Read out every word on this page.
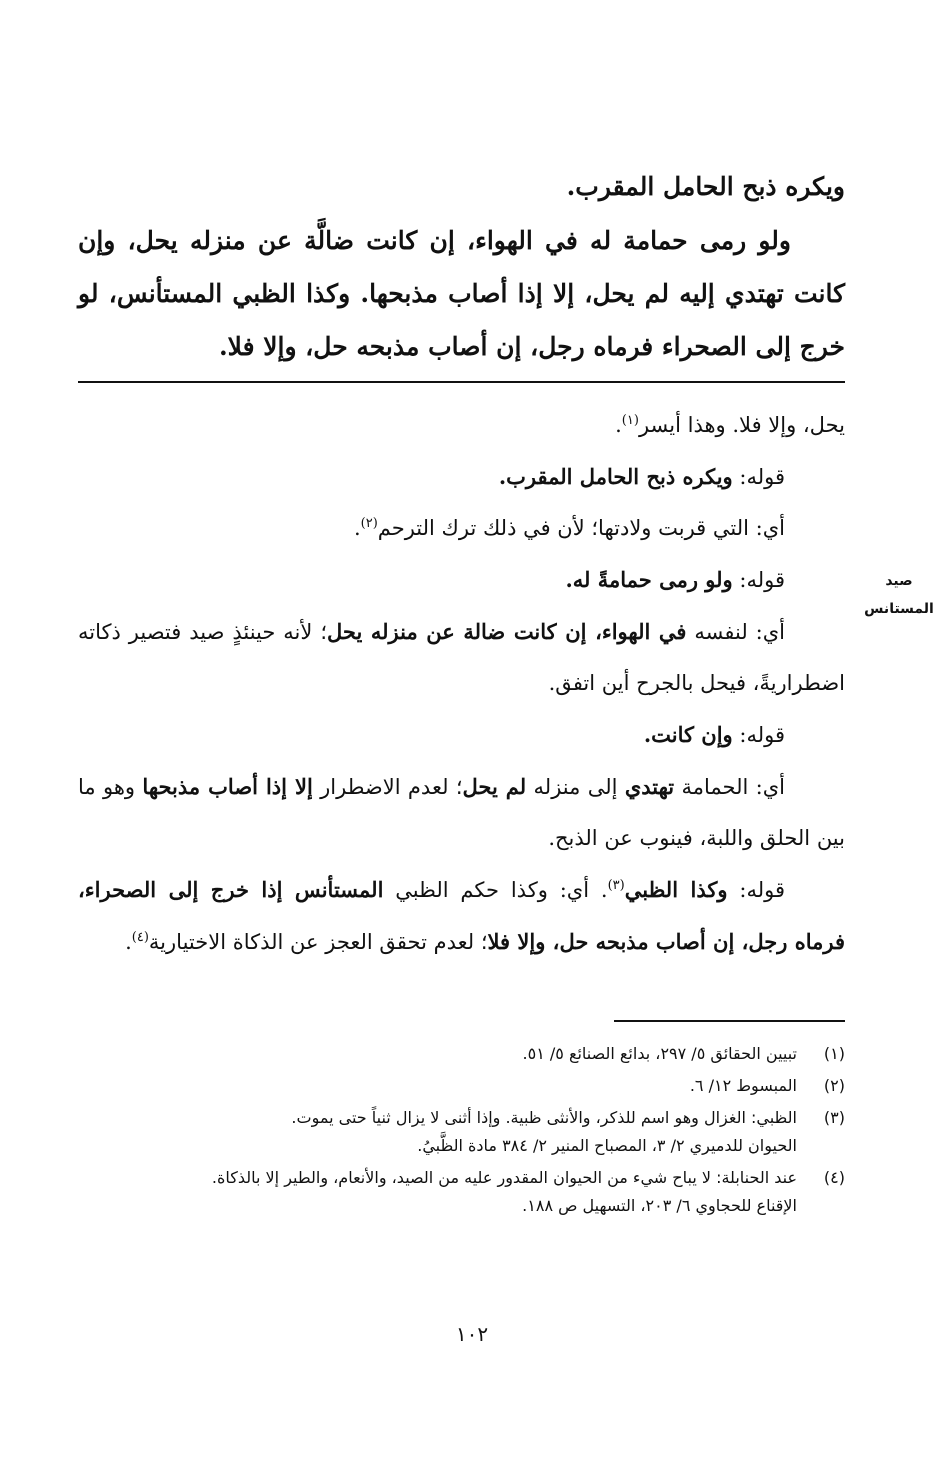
ويكره ذبح الحامل المقرب.

ولو رمى حمامة له في الهواء، إن كانت ضالَّة عن منزله يحل، وإن كانت تهتدي إليه لم يحل، إلا إذا أصاب مذبحها. وكذا الظبي المستأنس، لو خرج إلى الصحراء فرماه رجل، إن أصاب مذبحه حل، وإلا فلا.

صيد
المستانس

يحل، وإلا فلا. وهذا أيسر$^{(١)}$.

قوله: ويكره ذبح الحامل المقرب.

أي: التي قربت ولادتها؛ لأن في ذلك ترك الترحم$^{(٢)}$.

قوله: ولو رمى حمامةً له.

أي: لنفسه في الهواء، إن كانت ضالة عن منزله يحل؛ لأنه حينئذٍ صيد فتصير ذكاته اضطراريةً، فيحل بالجرح أين اتفق.

قوله: وإن كانت.

أي: الحمامة تهتدي إلى منزله لم يحل؛ لعدم الاضطرار إلا إذا أصاب مذبحها وهو ما بين الحلق واللبة، فينوب عن الذبح.

قوله: وكذا الظبي$^{(٣)}$. أي: وكذا حكم الظبي المستأنس إذا خرج إلى الصحراء، فرماه رجل، إن أصاب مذبحه حل، وإلا فلا؛ لعدم تحقق العجز عن الذكاة الاختيارية$^{(٤)}$.

(١)
تبيين الحقائق ٥/ ٢٩٧، بدائع الصنائع ٥/ ٥١.
(٢)
المبسوط ١٢/ ٦.
(٣)
الظبي: الغزال وهو اسم للذكر، والأنثى ظبية. وإذا أثنى لا يزال ثنياً حتى يموت.
الحيوان للدميري ٢/ ٣، المصباح المنير ٢/ ٣٨٤ مادة الظَّبيُ.
(٤)
عند الحنابلة: لا يباح شيء من الحيوان المقدور عليه من الصيد، والأنعام، والطير إلا بالذكاة.
الإقناع للحجاوي ٦/ ٢٠٣، التسهيل ص ١٨٨.
١٠٢
